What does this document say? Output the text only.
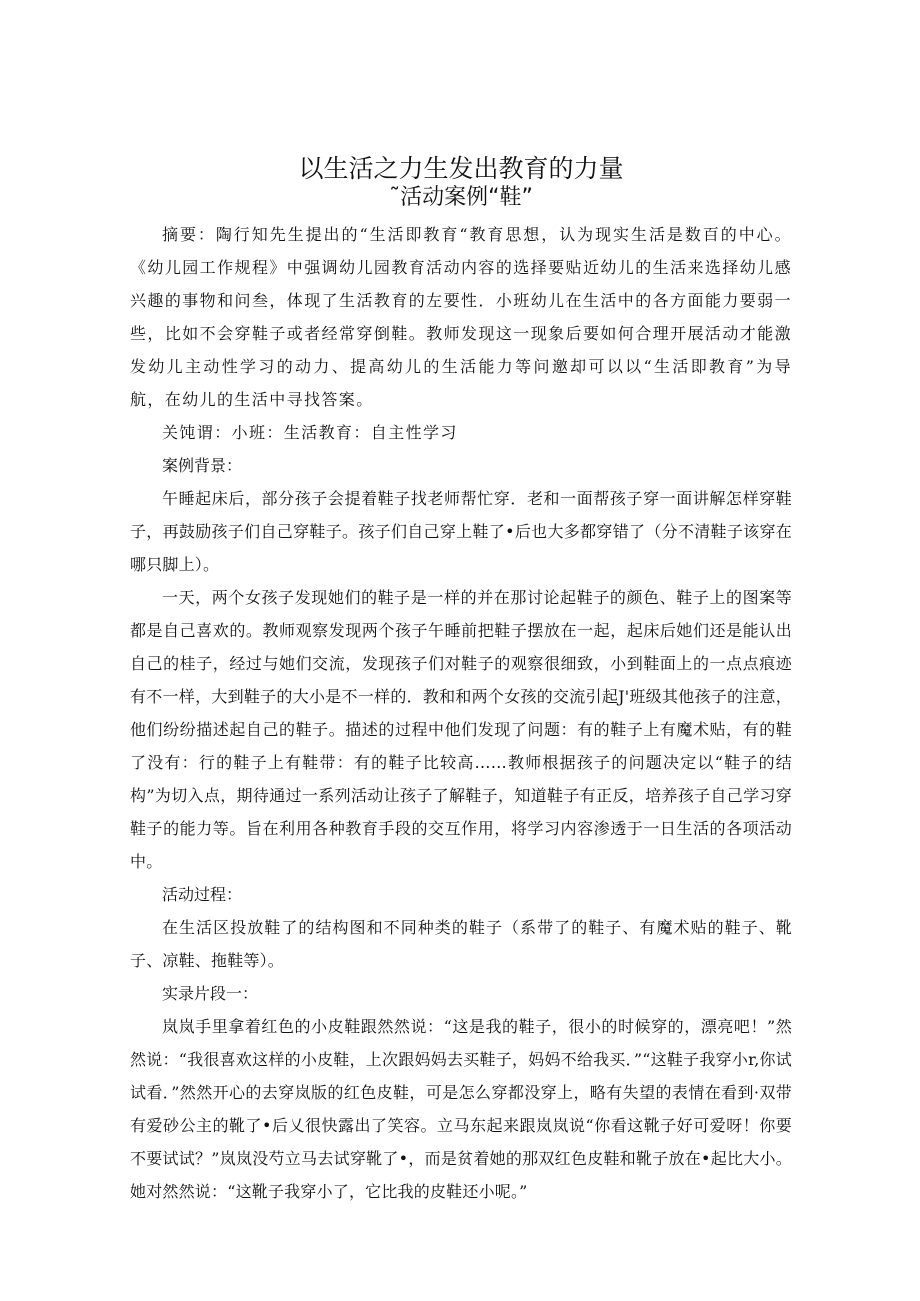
以生活之力生发出教育的力量
˜活动案例“鞋”

摘要：陶行知先生提出的“生活即教育“教育思想，认为现实生活是数百的中心。《幼儿园工作规程》中强调幼儿园教育活动内容的选择要贴近幼儿的生活来选择幼儿感兴趣的事物和问叁，体现了生活教育的左要性．小班幼儿在生活中的各方面能力要弱一些，比如不会穿鞋子或者经常穿倒鞋。教师发现这一现象后要如何合理开展活动才能激发幼儿主动性学习的动力、提高幼儿的生活能力等问邀却可以以“生活即教育”为导航，在幼儿的生活中寻找答案。

关饨谓：小班：生活教育：自主性学习

案例背景：

午睡起床后，部分孩子会提着鞋子找老师帮忙穿．老和一面帮孩子穿一面讲解怎样穿鞋子，再鼓励孩子们自己穿鞋子。孩子们自己穿上鞋了•后也大多都穿错了（分不清鞋子该穿在哪只脚上）。

一天，两个女孩子发现她们的鞋子是一样的并在那讨论起鞋子的颜色、鞋子上的图案等都是自己喜欢的。教师观察发现两个孩子午睡前把鞋子摆放在一起，起床后她们还是能认出自己的桂子，经过与她们交流，发现孩子们对鞋子的观察很细致，小到鞋面上的一点点痕迹有不一样，大到鞋子的大小是不一样的．教和和两个女孩的交流引起J'班级其他孩子的注意，他们纷纷描述起自己的鞋子。描述的过程中他们发现了问题：有的鞋子上有魔术贴，有的鞋了没有：行的鞋子上有鞋带：有的鞋子比较高……教师根据孩子的问题决定以“鞋子的结构”为切入点，期待通过一系列活动让孩子了解鞋子，知道鞋子有正反，培养孩子自己学习穿鞋子的能力等。旨在利用各种教育手段的交互作用，将学习内容渗透于一日生活的各项活动中。

活动过程：

在生活区投放鞋了的结构图和不同种类的鞋子（系带了的鞋子、有魔术贴的鞋子、靴子、凉鞋、拖鞋等）。

实录片段一：

岚岚手里拿着红色的小皮鞋跟然然说：“这是我的鞋子，很小的时候穿的，漂亮吧！”然然说：“我很喜欢这样的小皮鞋，上次跟妈妈去买鞋子，妈妈不给我买．”“这鞋子我穿小r,你试试看．”然然开心的去穿岚版的红色皮鞋，可是怎么穿都没穿上，略有失望的表情在看到·双带有爱砂公主的靴了•后乂很快露出了笑容。立马东起来跟岚岚说“你看这靴子好可爱呀！你要不要试试？”岚岚没芍立马去试穿靴了•，而是贫着她的那双红色皮鞋和靴子放在•起比大小。她对然然说：“这靴子我穿小了，它比我的皮鞋还小呢。”
